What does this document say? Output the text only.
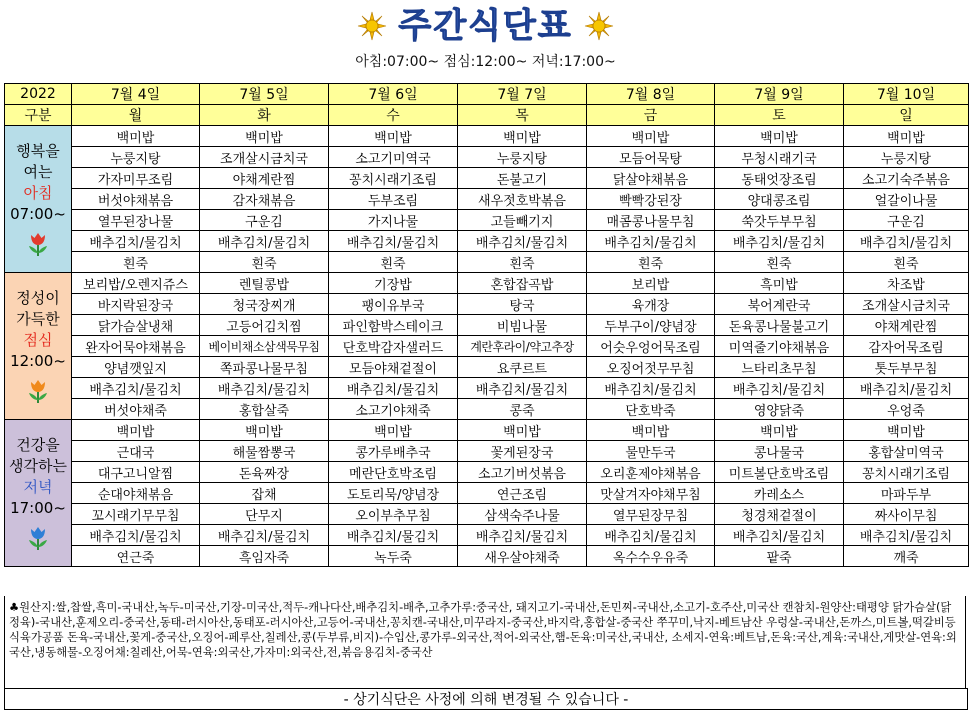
주간식단표
아침:07:00~ 점심:12:00~ 저녁:17:00~
2022	7월 4일	7월 5일	7월 6일	7월 7일	7월 8일	7월 9일	7월 10일
구분	월	화	수	목	금	토	일
행복을
여는
아침
07:00~	백미밥	백미밥	백미밥	백미밥	백미밥	백미밥	백미밥
	누룽지탕	조개살시금치국	소고기미역국	누룽지탕	모듬어묵탕	무청시래기국	누룽지탕
	가자미무조림	야채계란찜	꽁치시래기조림	돈불고기	닭살야채볶음	동태엇장조림	소고기숙주볶음
	버섯야채볶음	감자채볶음	두부조림	새우젓호박볶음	빡빡강된장	양대콩조림	얼갈이나물
	열무된장나물	구운김	가지나물	고들빼기지	매콤콩나물무침	쑥갓두부무침	구운김
	배추김치/물김치	배추김치/물김치	배추김치/물김치	배추김치/물김치	배추김치/물김치	배추김치/물김치	배추김치/물김치
	흰죽	흰죽	흰죽	흰죽	흰죽	흰죽	흰죽
정성이
가득한
점심
12:00~	보리밥/오렌지쥬스	렌틸콩밥	기장밥	혼합잡곡밥	보리밥	흑미밥	차조밥
	바지락된장국	청국장찌개	팽이유부국	탕국	육개장	북어계란국	조개살시금치국
	닭가슴살냉채	고등어김치찜	파인함박스테이크	비빔나물	두부구이/양념장	돈육콩나물불고기	야채계란찜
	완자어묵야채볶음	베이비채소삼색묵무침	단호박감자샐러드	계란후라이/약고추장	어슷우엉어묵조림	미역줄기야채볶음	감자어묵조림
	양념깻잎지	쪽파콩나물무침	모듬야채겉절이	요쿠르트	오징어젓무무침	느타리초무침	톳두부무침
	배추김치/물김치	배추김치/물김치	배추김치/물김치	배추김치/물김치	배추김치/물김치	배추김치/물김치	배추김치/물김치
	버섯야채죽	홍합살죽	소고기야채죽	콩죽	단호박죽	영양닭죽	우엉죽
건강을
생각하는
저녁
17:00~	백미밥	백미밥	백미밥	백미밥	백미밥	백미밥	백미밥
	근대국	해물짬뽕국	콩가루배추국	꽃게된장국	물만두국	콩나물국	홍합살미역국
	대구고니알찜	돈육짜장	메란단호박조림	소고기버섯볶음	오리훈제야채볶음	미트볼단호박조림	꽁치시래기조림
	순대야채볶음	잡채	도토리묵/양념장	연근조림	맛살겨자야채무침	카레소스	마파두부
	꼬시래기무무침	단무지	오이부추무침	삼색숙주나물	열무된장무침	청경채겉절이	짜사이무침
	배추김치/물김치	배추김치/물김치	배추김치/물김치	배추김치/물김치	배추김치/물김치	배추김치/물김치	배추김치/물김치
	연근죽	흑임자죽	녹두죽	새우살야채죽	옥수수우유죽	팥죽	깨죽
♣원산지:쌀,찹쌀,흑미-국내산,녹두-미국산,기장-미국산,적두-캐나다산,배추김치-배추,고추가루:중국산, 돼지고기-국내산,돈민찌-국내산,소고기-호주산,미국산 캔참치-원양산:태평양 닭가슴살(닭정육)-국내산,훈제오리-중국산,동태-러시아산,동태포-러시아산,고등어-국내산,꽁치캔-국내산,미꾸라지-중국산,바지락,홍합살-중국산 쭈꾸미,낙지-베트남산 우렁살-국내산,돈까스,미트볼,떡갈비등 식육가공품 돈육-국내산,꽃게-중국산,오징어-페루산,칠레산,콩(두부류,비지)-수입산,콩가루-외국산,적어-외국산,햄-돈육:미국산,국내산, 소세지-연육:베트남,돈육:국산,계육:국내산,게맛살-연육:외국산,냉동해물-오징어채:칠레산,어묵-연육:외국산,가자미:외국산,전,볶음용김치-중국산
- 상기식단은 사정에 의해 변경될 수 있습니다 -
